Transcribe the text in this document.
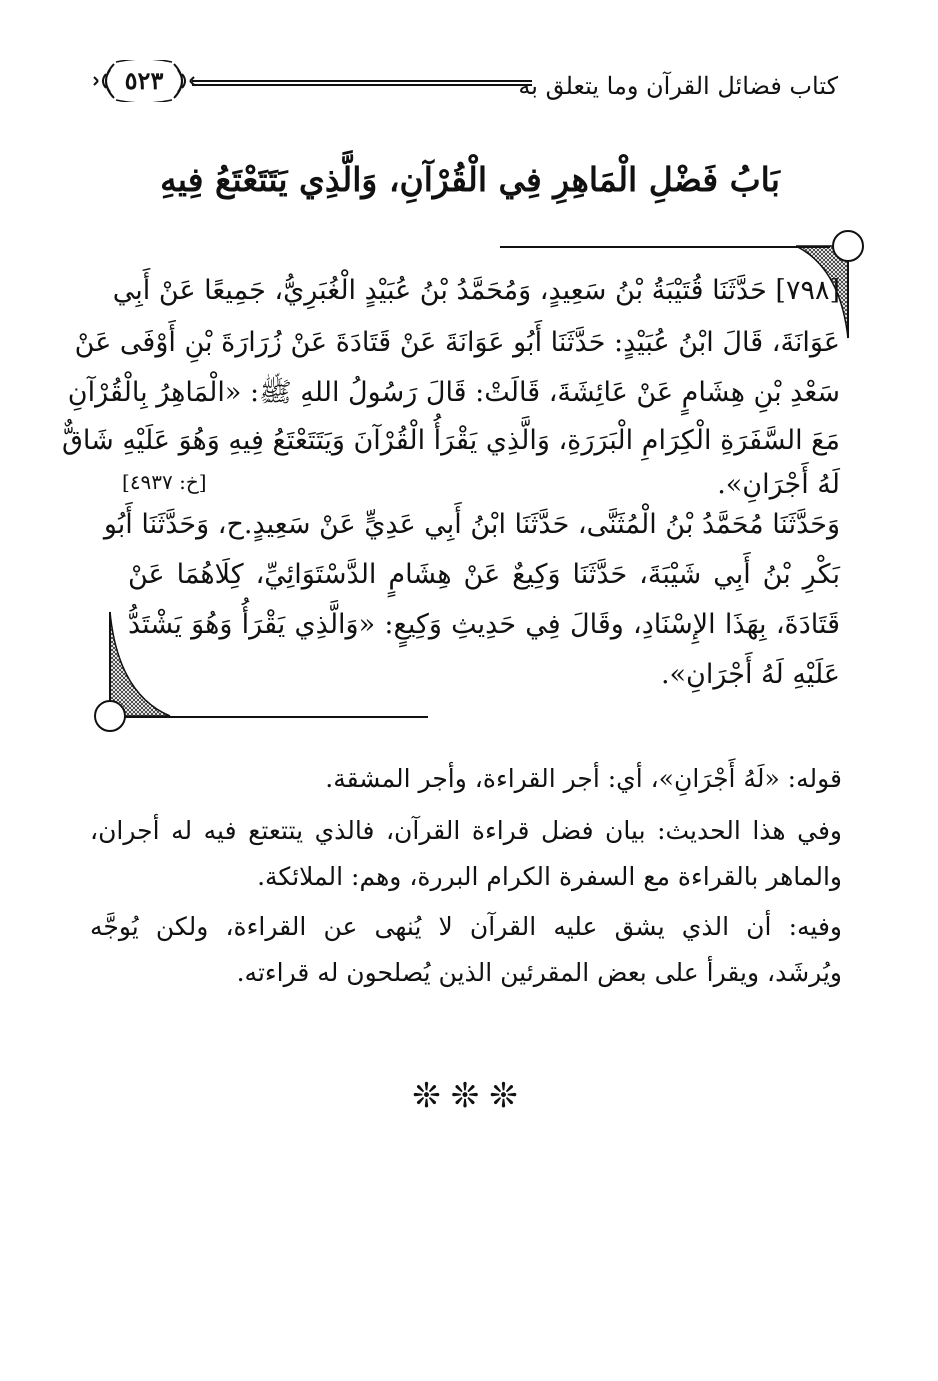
كتاب فضائل القرآن وما يتعلق به
٥٢٣
بَابُ فَضْلِ الْمَاهِرِ فِي الْقُرْآنِ، وَالَّذِي يَتَتَعْتَعُ فِيهِ
[٧٩٨] حَدَّثَنَا قُتَيْبَةُ بْنُ سَعِيدٍ، وَمُحَمَّدُ بْنُ عُبَيْدٍ الْغُبَرِيُّ، جَمِيعًا عَنْ أَبِي
عَوَانَةَ، قَالَ ابْنُ عُبَيْدٍ: حَدَّثَنَا أَبُو عَوَانَةَ عَنْ قَتَادَةَ عَنْ زُرَارَةَ بْنِ أَوْفَى عَنْ
سَعْدِ بْنِ هِشَامٍ عَنْ عَائِشَةَ، قَالَتْ: قَالَ رَسُولُ اللهِ ﷺ: «الْمَاهِرُ بِالْقُرْآنِ
مَعَ السَّفَرَةِ الْكِرَامِ الْبَرَرَةِ، وَالَّذِي يَقْرَأُ الْقُرْآنَ وَيَتَتَعْتَعُ فِيهِ وَهُوَ عَلَيْهِ شَاقٌّ
لَهُ أَجْرَانِ».
[خ: ٤٩٣٧]
وَحَدَّثَنَا مُحَمَّدُ بْنُ الْمُثَنَّى، حَدَّثَنَا ابْنُ أَبِي عَدِيٍّ عَنْ سَعِيدٍ.ح، وَحَدَّثَنَا أَبُو
بَكْرِ بْنُ أَبِي شَيْبَةَ، حَدَّثَنَا وَكِيعٌ عَنْ هِشَامٍ الدَّسْتَوَائِيِّ، كِلَاهُمَا عَنْ
قَتَادَةَ، بِهَذَا الإِسْنَادِ، وقَالَ فِي حَدِيثِ وَكِيعٍ: «وَالَّذِي يَقْرَأُ وَهُوَ يَشْتَدُّ
عَلَيْهِ لَهُ أَجْرَانِ».
قوله: «لَهُ أَجْرَانِ»، أي: أجر القراءة، وأجر المشقة.
وفي هذا الحديث: بيان فضل قراءة القرآن، فالذي يتتعتع فيه له أجران،
والماهر بالقراءة مع السفرة الكرام البررة، وهم: الملائكة.
وفيه: أن الذي يشق عليه القرآن لا يُنهى عن القراءة، ولكن يُوجَّه
ويُرشَد، ويقرأ على بعض المقرئين الذين يُصلحون له قراءته.
❊❊❊
